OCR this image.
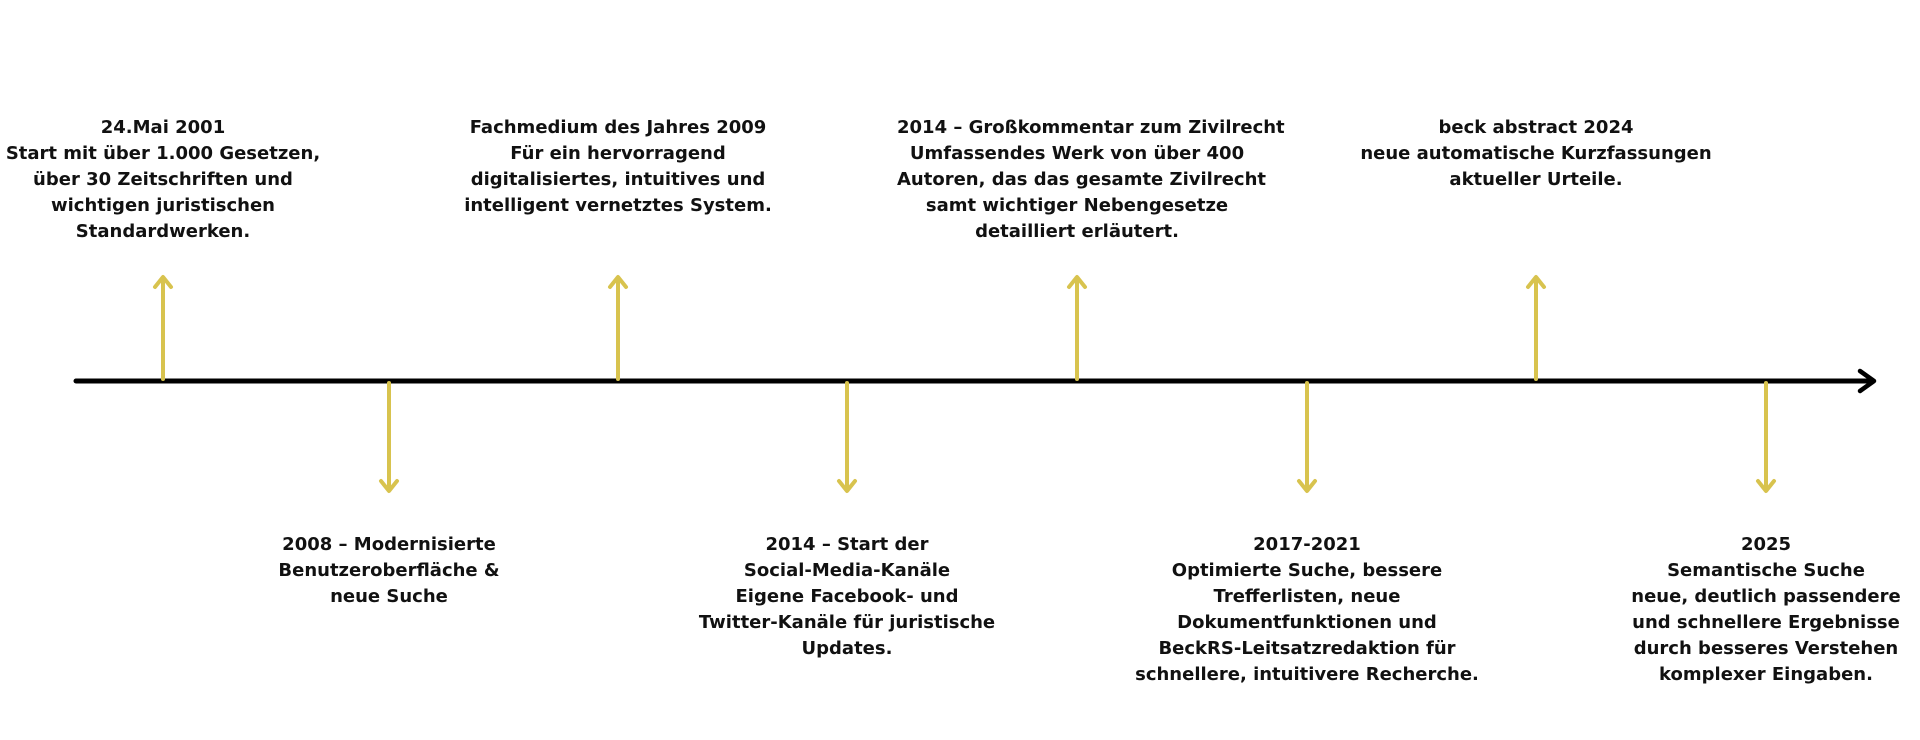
24.Mai 2001
Start mit über 1.000 Gesetzen,
über 30 Zeitschriften und
wichtigen juristischen
Standardwerken.
2008 – Modernisierte
Benutzeroberfläche &
neue Suche
Fachmedium des Jahres 2009
Für ein hervorragend
digitalisiertes, intuitives und
intelligent vernetztes System.
2014 – Start der
Social-Media-Kanäle
Eigene Facebook- und
Twitter-Kanäle für juristische
Updates.
2014 – Großkommentar zum Zivilrecht
Umfassendes Werk von über 400
Autoren, das das gesamte Zivilrecht
samt wichtiger Nebengesetze
detailliert erläutert.
2017-2021
Optimierte Suche, bessere
Trefferlisten, neue
Dokumentfunktionen und
BeckRS-Leitsatzredaktion für
schnellere, intuitivere Recherche.
beck abstract 2024
neue automatische Kurzfassungen
aktueller Urteile.
2025
Semantische Suche
neue, deutlich passendere
und schnellere Ergebnisse
durch besseres Verstehen
komplexer Eingaben.
